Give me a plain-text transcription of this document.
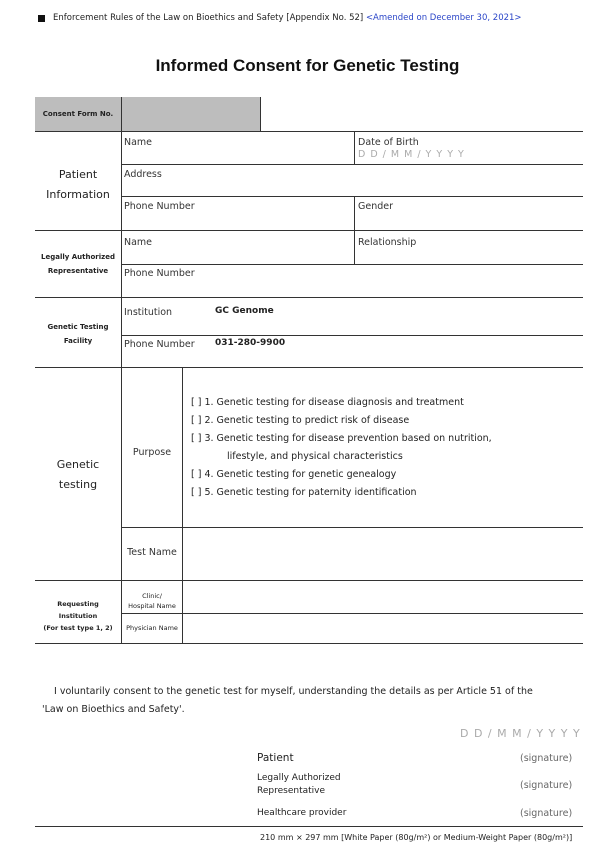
Enforcement Rules of the Law on Bioethics and Safety [Appendix No. 52] <Amended on December 30, 2021>
Informed Consent for Genetic Testing
Consent Form No.
Patient
Information
Name	Date of Birth
D D / M M / Y Y Y Y
Address
Phone Number	Gender
Legally Authorized
Representative
Name	Relationship
Phone Number
Genetic Testing
Facility
Institution	GC Genome
Phone Number 031-280-9900
Genetic
testing
Purpose
[ ] 1. Genetic testing for disease diagnosis and treatment
[ ] 2. Genetic testing to predict risk of disease
[ ] 3. Genetic testing for disease prevention based on nutrition,
lifestyle, and physical characteristics
[ ] 4. Genetic testing for genetic genealogy
[ ] 5. Genetic testing for paternity identification
Test Name
Requesting
Institution
(For test type 1, 2)
Clinic/
Hospital Name
Physician Name
I voluntarily consent to the genetic test for myself, understanding the details as per Article 51 of the
'Law on Bioethics and Safety'.
D D / M M / Y Y Y Y
Patient	(signature)
Legally Authorized
Representative	(signature)
Healthcare provider	(signature)
210 mm × 297 mm [White Paper (80g/m²) or Medium-Weight Paper (80g/m²)]
